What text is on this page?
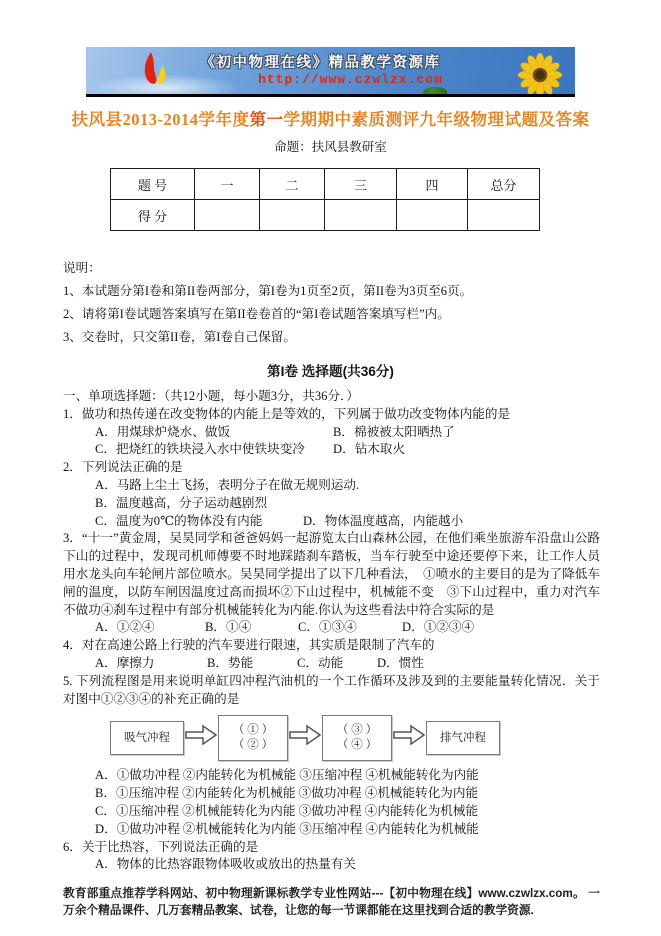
《初中物理在线》精品教学资源库
http://www.czwlzx.com
扶风县2013-2014学年度第一学期期中素质测评九年级物理试题及答案
命题：扶风县教研室
题 号	一	二	三	四	总分
得 分					
说明：
1、本试题分第I卷和第II卷两部分，第I卷为1页至2页，第II卷为3页至6页。
2、请将第I卷试题答案填写在第II卷卷首的“第I卷试题答案填写栏”内。
3、交卷时，只交第II卷，第I卷自己保留。
第I卷 选择题(共36分)
一、单项选择题：（共12小题，每小题3分，共36分．）
1．做功和热传递在改变物体的内能上是等效的，下列属于做功改变物体内能的是
A．用煤球炉烧水、做饭	B．棉被被太阳晒热了
C．把烧红的铁块浸入水中使铁块变冷 D．钻木取火
2．下列说法正确的是
A．马路上尘土飞扬，表明分子在做无规则运动.
B．温度越高，分子运动越剧烈
C．温度为0℃的物体没有内能	D．物体温度越高，内能越小
3．“十一”黄金周，吴昊同学和爸爸妈妈一起游览太白山森林公园，在他们乘坐旅游车沿盘山公路下山的过程中，发现司机师傅要不时地踩踏刹车踏板，当车行驶至中途还要停下来，让工作人员用水龙头向车轮闸片部位喷水。吴昊同学提出了以下几种看法，　①喷水的主要目的是为了降低车闸的温度，以防车闸因温度过高而损坏②下山过程中，机械能不变　③下山过程中，重力对汽车不做功④刹车过程中有部分机械能转化为内能.你认为这些看法中符合实际的是
A．①②④	B．①④	C．①③④	D．①②③④
4．对在高速公路上行驶的汽车要进行限速，其实质是限制了汽车的
A．摩擦力	B．势能	C．动能	D．惯性
5. 下列流程图是用来说明单缸四冲程汽油机的一个工作循环及涉及到的主要能量转化情况．关于对图中①②③④的补充正确的是
吸气冲程
（ ① ）
（ ② ）
（ ③ ）
（ ④ ）
排气冲程
A．①做功冲程 ②内能转化为机械能 ③压缩冲程 ④机械能转化为内能
B．①压缩冲程 ②内能转化为机械能 ③做功冲程 ④机械能转化为内能
C．①压缩冲程 ②机械能转化为内能 ③做功冲程 ④内能转化为机械能
D．①做功冲程 ②机械能转化为内能 ③压缩冲程 ④内能转化为机械能
6．关于比热容，下列说法正确的是
A．物体的比热容跟物体吸收或放出的热量有关
教育部重点推荐学科网站、初中物理新课标教学专业性网站---【初中物理在线】www.czwlzx.com。 一万余个精品课件、几万套精品教案、试卷，让您的每一节课都能在这里找到合适的教学资源.
